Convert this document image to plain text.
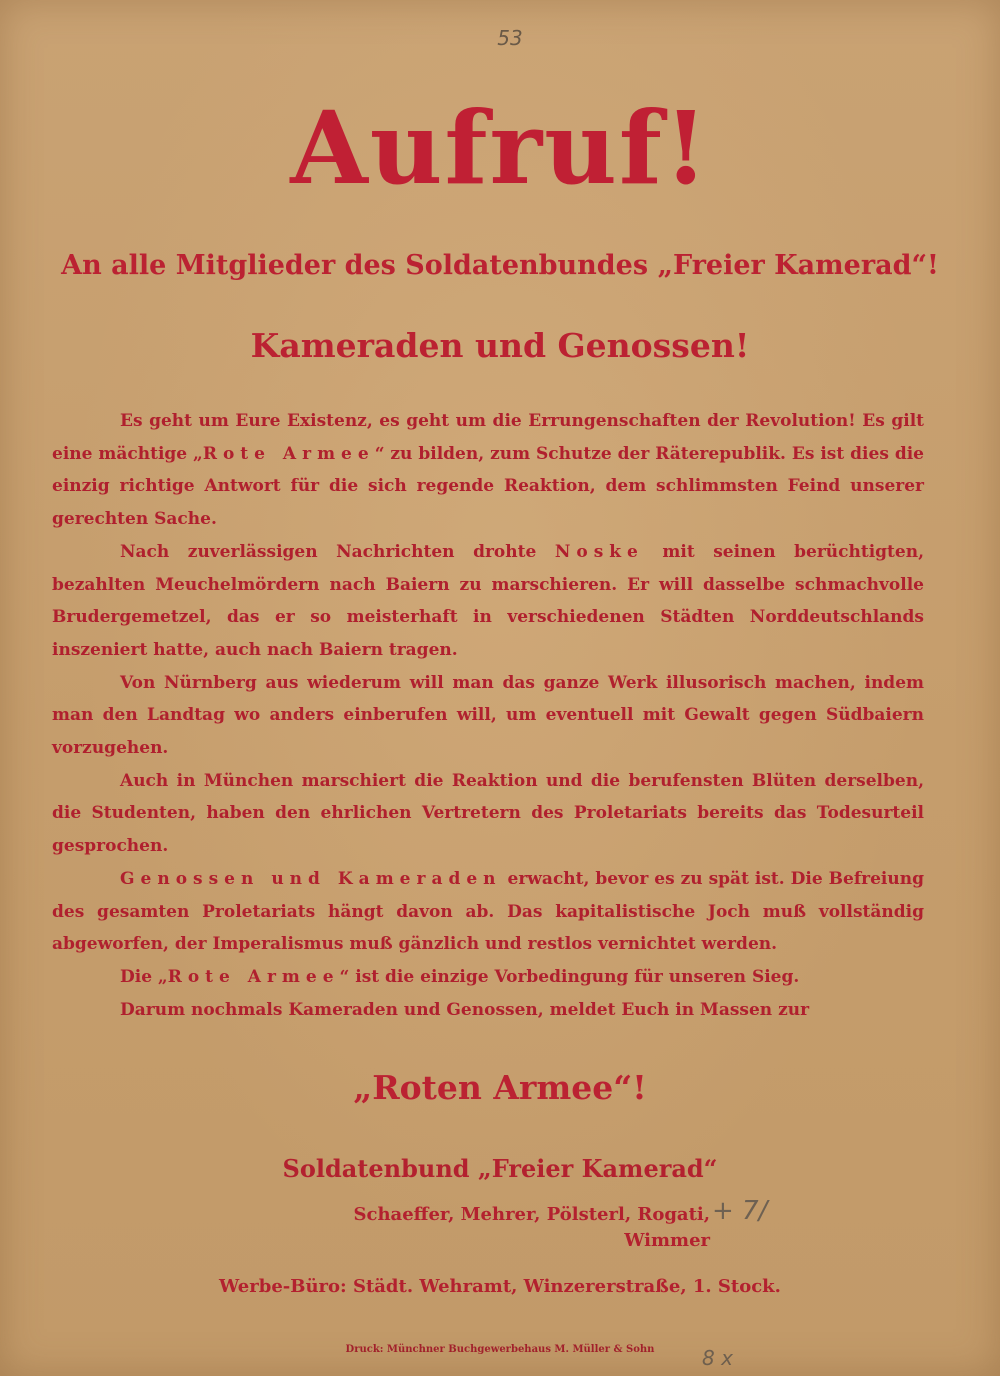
53
Aufruf!
An alle Mitglieder des Soldatenbundes „Freier Kamerad“!
Kameraden und Genossen!

Es geht um Eure Existenz, es geht um die Errungenschaften der Revolution! Es gilt eine mächtige „Rote Armee“ zu bilden, zum Schutze der Räterepublik. Es ist dies die einzig richtige Antwort für die sich regende Reaktion, dem schlimmsten Feind unserer gerechten Sache.

Nach zuverlässigen Nachrichten drohte Noske mit seinen berüchtigten, bezahlten Meuchelmördern nach Baiern zu marschieren. Er will dasselbe schmachvolle Brudergemetzel, das er so meisterhaft in verschiedenen Städten Norddeutschlands inszeniert hatte, auch nach Baiern tragen.

Von Nürnberg aus wiederum will man das ganze Werk illusorisch machen, indem man den Landtag wo anders einberufen will, um eventuell mit Gewalt gegen Südbaiern vorzugehen.

Auch in München marschiert die Reaktion und die berufensten Blüten derselben, die Studenten, haben den ehrlichen Vertretern des Proletariats bereits das Todesurteil gesprochen.

Genossen und Kameraden erwacht, bevor es zu spät ist. Die Befreiung des gesamten Proletariats hängt davon ab. Das kapitalistische Joch muß vollständig abgeworfen, der Imperalismus muß gänzlich und restlos vernichtet werden.

Die „Rote Armee“ ist die einzige Vorbedingung für unseren Sieg.

Darum nochmals Kameraden und Genossen, meldet Euch in Massen zur

„Roten Armee“!
Soldatenbund „Freier Kamerad“
Schaeffer, Mehrer, Pölsterl, Rogati, Wimmer
+ 7/
Werbe-Büro: Städt. Wehramt, Winzererstraße, 1. Stock.
Druck: Münchner Buchgewerbehaus M. Müller & Sohn	8 x
